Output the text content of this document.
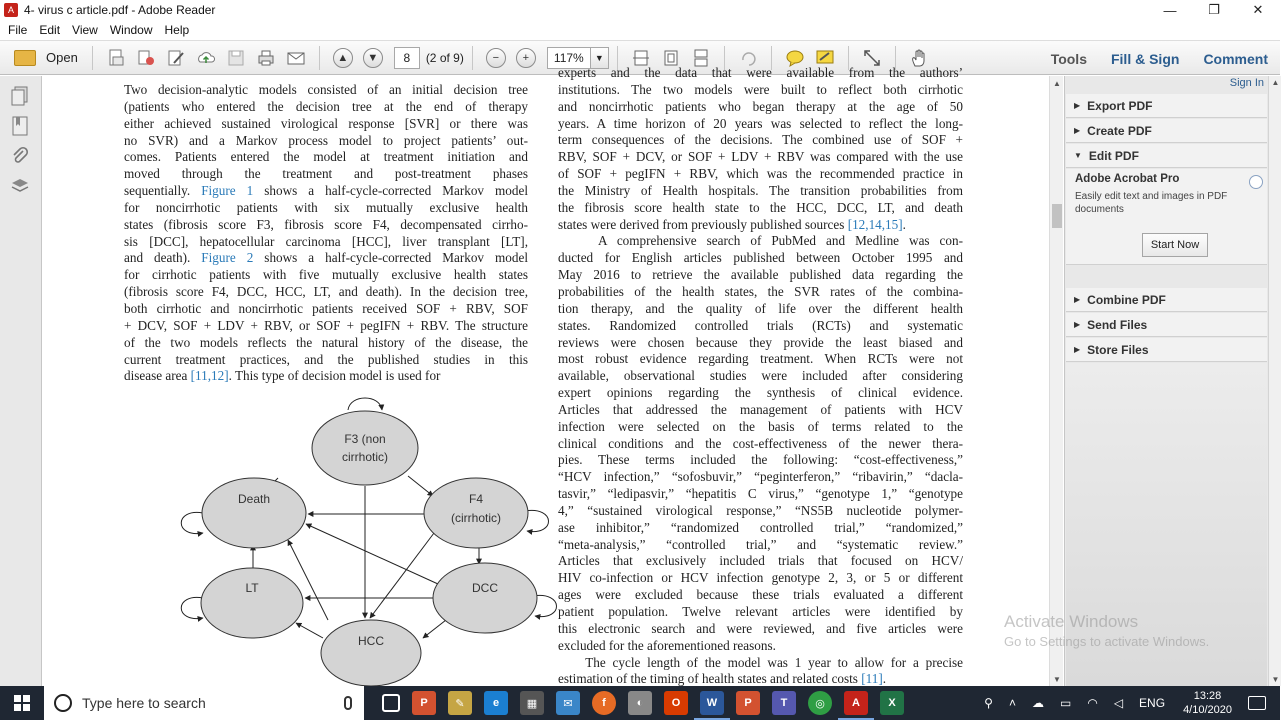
A 4- virus c article.pdf - Adobe Reader	—	❐	✕
File	Edit	View	Window	Help
Open	▲	▼	8	(2 of 9)	−	+	117%	▼	Tools	Fill & Sign	Comment
Two decision-analytic models consisted of an initial decision tree
(patients who entered the decision tree at the end of therapy
either achieved sustained virological response [SVR] or there was
no SVR) and a Markov process model to project patients’ out-
comes. Patients entered the model at treatment initiation and
moved through the treatment and post-treatment phases
sequentially. Figure 1 shows a half-cycle-corrected Markov model
for noncirrhotic patients with six mutually exclusive health
states (fibrosis score F3, fibrosis score F4, decompensated cirrho-
sis [DCC], hepatocellular carcinoma [HCC], liver transplant [LT],
and death). Figure 2 shows a half-cycle-corrected Markov model
for cirrhotic patients with five mutually exclusive health states
(fibrosis score F4, DCC, HCC, LT, and death). In the decision tree,
both cirrhotic and noncirrhotic patients received SOF + RBV, SOF
+ DCV, SOF + LDV + RBV, or SOF + pegIFN + RBV. The structure
of the two models reflects the natural history of the disease, the
current treatment practices, and the published studies in this
disease area [11,12]. This type of decision model is used for
experts and the data that were available from the authors’
institutions. The two models were built to reflect both cirrhotic
and noncirrhotic patients who began therapy at the age of 50
years. A time horizon of 20 years was selected to reflect the long-
term consequences of the decisions. The combined use of SOF +
RBV, SOF + DCV, or SOF + LDV + RBV was compared with the use
of SOF + pegIFN + RBV, which was the recommended practice in
the Ministry of Health hospitals. The transition probabilities from
the fibrosis score health state to the HCC, DCC, LT, and death
states were derived from previously published sources [12,14,15].
A comprehensive search of PubMed and Medline was con-
ducted for English articles published between October 1995 and
May 2016 to retrieve the available published data regarding the
probabilities of the health states, the SVR rates of the combina-
tion therapy, and the quality of life over the different health
states. Randomized controlled trials (RCTs) and systematic
reviews were chosen because they provide the least biased and
most robust evidence regarding treatment. When RCTs were not
available, observational studies were included after considering
expert opinions regarding the synthesis of clinical evidence.
Articles that addressed the management of patients with HCV
infection were selected on the basis of terms related to the
clinical conditions and the cost-effectiveness of the newer thera-
pies. These terms included the following: “cost-effectiveness,”
“HCV infection,” “sofosbuvir,” “peginterferon,” “ribavirin,” “dacla-
tasvir,” “ledipasvir,” “hepatitis C virus,” “genotype 1,” “genotype
4,” “sustained virological response,” “NS5B nucleotide polymer-
ase inhibitor,” “randomized controlled trial,” “randomized,”
“meta-analysis,” “controlled trial,” and “systematic review.”
Articles that exclusively included trials that focused on HCV/
HIV co-infection or HCV infection genotype 2, 3, or 5 or different
ages were excluded because these trials evaluated a different
patient population. Twelve relevant articles were identified by
this electronic search and were reviewed, and five articles were
excluded for the aforementioned reasons.
The cycle length of the model was 1 year to allow for a precise
estimation of the timing of health states and related costs [11].
F3 (non
cirrhotic)
Death	F4
(cirrhotic)
LT	DCC
HCC
▲
▼
Sign In
▶ Export PDF
▶ Create PDF
▼ Edit PDF
Adobe Acrobat Pro
Easily edit text and images in PDF documents
Start Now
▶ Combine PDF
▶ Send Files
▶ Store Files
▲
▼
Activate Windows
Go to Settings to activate Windows.
Type here to search	P	✎	e	▦	✉	f	◐	O	W	P	T	◎	A	X	⚲ ˄ ☁ ▭ ◠ ◁ ENG	13:28
4/10/2020
